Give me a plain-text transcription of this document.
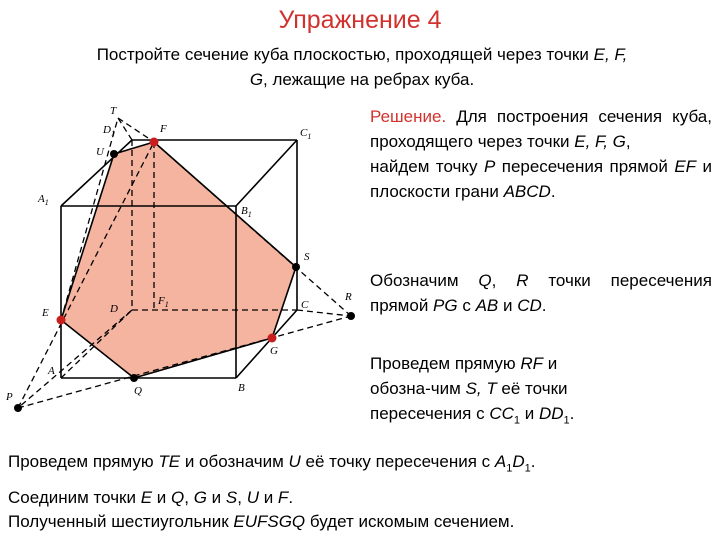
Упражнение 4
Постройте сечение куба плоскостью, проходящей через точки E, F,
G, лежащие на ребрах куба.
T
$D_1$
U
F	$C_1$
$A_1$
$B_1$
S
E	D
$F_1$	C
R
G
A
B
Q
P
Решение. Для построения сечения куба, проходящего через точки E, F, G,
найдем точку P пересечения прямой EF и плоскости грани ABCD.
Обозначим Q, R точки пересечения прямой PG с AB и CD.
Проведем прямую RF и
обозна-чим S, T её точки
пересечения с $CC_1$ и $DD_1$.
Проведем прямую TE и обозначим U её точку пересечения с $A_1D_1$.
Соединим точки E и Q, G и S, U и F.
Полученный шестиугольник EUFSGQ будет искомым сечением.
